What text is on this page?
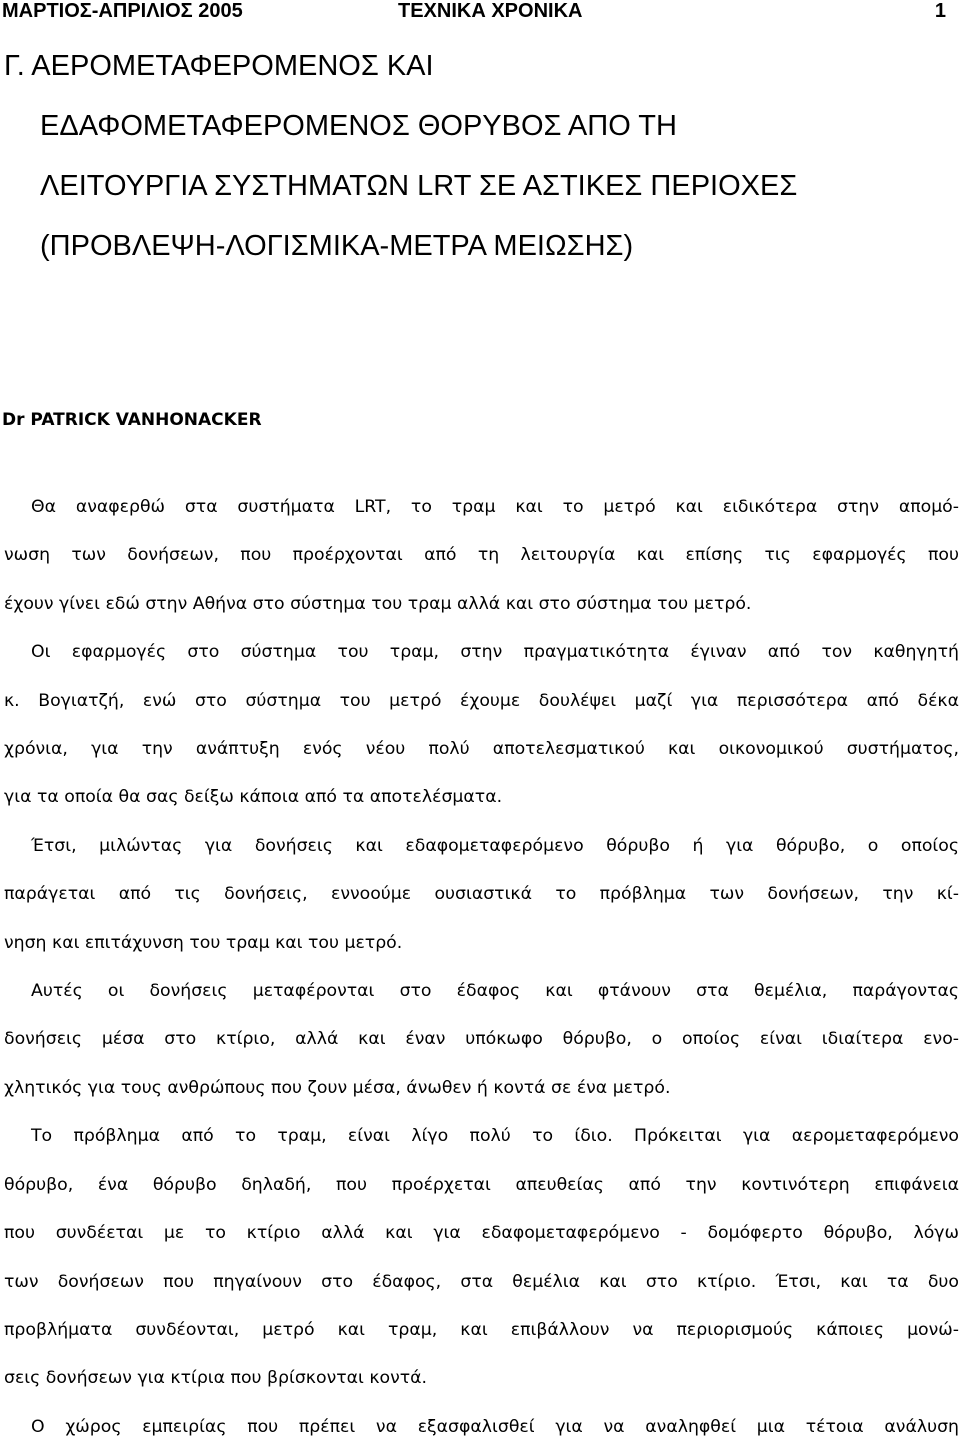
ΜΑΡΤΙΟΣ-ΑΠΡΙΛΙΟΣ 2005	ΤΕΧΝΙΚΑ ΧΡΟΝΙΚΑ	1
Γ. ΑΕΡΟΜΕΤΑΦΕΡΟΜΕΝΟΣ ΚΑΙ
ΕΔΑΦΟΜΕΤΑΦΕΡΟΜΕΝΟΣ ΘΟΡΥΒΟΣ ΑΠΟ ΤΗ
ΛΕΙΤΟΥΡΓΙΑ ΣΥΣΤΗΜΑΤΩΝ LRT ΣΕ ΑΣΤΙΚΕΣ ΠΕΡΙΟΧΕΣ
(ΠΡΟΒΛΕΨΗ-ΛΟΓΙΣΜΙΚΑ-ΜΕΤΡΑ ΜΕΙΩΣΗΣ)
Dr PATRICK VANHONACKER

Θα αναφερθώ στα συστήματα LRT, το τραμ και το μετρό και ειδικότερα στην απομό-
νωση των δονήσεων, που προέρχονται από τη λειτουργία και επίσης τις εφαρμογές που
έχουν γίνει εδώ στην Αθήνα στο σύστημα του τραμ αλλά και στο σύστημα του μετρό.

Οι εφαρμογές στο σύστημα του τραμ, στην πραγματικότητα έγιναν από τον καθηγητή
κ. Βογιατζή, ενώ στο σύστημα του μετρό έχουμε δουλέψει μαζί για περισσότερα από δέκα
χρόνια, για την ανάπτυξη ενός νέου πολύ αποτελεσματικού και οικονομικού συστήματος,
για τα οποία θα σας δείξω κάποια από τα αποτελέσματα.

Έτσι, μιλώντας για δονήσεις και εδαφομεταφερόμενο θόρυβο ή για θόρυβο, ο οποίος
παράγεται από τις δονήσεις, εννοούμε ουσιαστικά το πρόβλημα των δονήσεων, την κί-
νηση και επιτάχυνση του τραμ και του μετρό.

Αυτές οι δονήσεις μεταφέρονται στο έδαφος και φτάνουν στα θεμέλια, παράγοντας
δονήσεις μέσα στο κτίριο, αλλά και έναν υπόκωφο θόρυβο, ο οποίος είναι ιδιαίτερα ενο-
χλητικός για τους ανθρώπους που ζουν μέσα, άνωθεν ή κοντά σε ένα μετρό.

Το πρόβλημα από το τραμ, είναι λίγο πολύ το ίδιο. Πρόκειται για αερομεταφερόμενο
θόρυβο, ένα θόρυβο δηλαδή, που προέρχεται απευθείας από την κοντινότερη επιφάνεια
που συνδέεται με το κτίριο αλλά και για εδαφομεταφερόμενο - δομόφερτο θόρυβο, λόγω
των δονήσεων που πηγαίνουν στο έδαφος, στα θεμέλια και στο κτίριο. Έτσι, και τα δυο
προβλήματα συνδέονται, μετρό και τραμ, και επιβάλλουν να περιορισμούς κάποιες μονώ-
σεις δονήσεων για κτίρια που βρίσκονται κοντά.

Ο χώρος εμπειρίας που πρέπει να εξασφαλισθεί για να αναληφθεί μια τέτοια ανάλυση
